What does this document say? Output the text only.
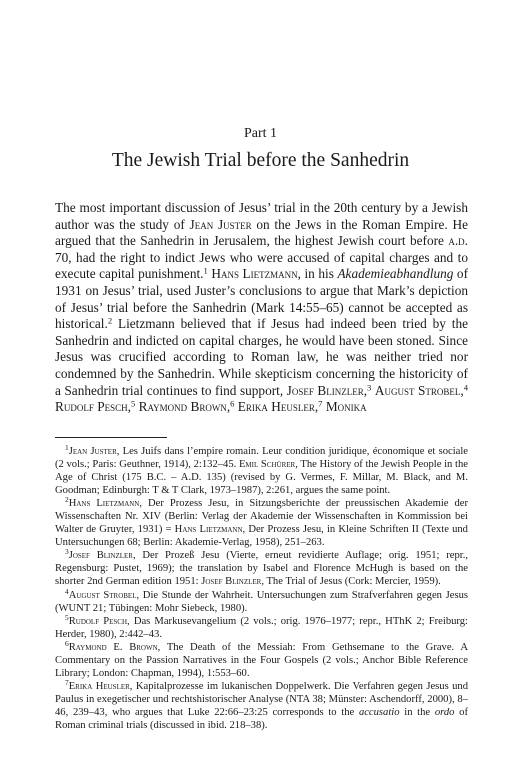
Part 1
The Jewish Trial before the Sanhedrin

The most important discussion of Jesus’ trial in the 20th century by a Jewish author was the study of Jean Juster on the Jews in the Roman Empire. He argued that the Sanhedrin in Jerusalem, the highest Jewish court before a.d. 70, had the right to indict Jews who were accused of capital charges and to execute capital punishment.$^1$ Hans Lietzmann, in his Akademieabhandlung of 1931 on Jesus’ trial, used Juster’s conclusions to argue that Mark’s depiction of Jesus’ trial before the Sanhedrin (Mark 14:55–65) cannot be accepted as historical.$^2$ Lietzmann believed that if Jesus had indeed been tried by the Sanhedrin and indicted on capital charges, he would have been stoned. Since Jesus was crucified according to Roman law, he was neither tried nor condemned by the Sanhedrin. While skepticism concerning the historicity of a Sanhedrin trial continues to find support, Josef Blinzler,$^3$ August Strobel,$^4$ Rudolf Pesch,$^5$ Raymond Brown,$^6$ Erika Heusler,$^7$ Monika

$^1$Jean Juster, Les Juifs dans l’empire romain. Leur condition juridique, économique et sociale (2 vols.; Paris: Geuthner, 1914), 2:132–45. Emil Schürer, The History of the Jewish People in the Age of Christ (175 B.C. – A.D. 135) (revised by G. Vermes, F. Millar, M. Black, and M. Goodman; Edinburgh: T & T Clark, 1973–1987), 2:261, argues the same point.

$^2$Hans Lietzmann, Der Prozess Jesu, in Sitzungsberichte der preussischen Akademie der Wissenschaften Nr. XIV (Berlin: Verlag der Akademie der Wissenschaften in Kommission bei Walter de Gruyter, 1931) = Hans Lietzmann, Der Prozess Jesu, in Kleine Schriften II (Texte und Untersuchungen 68; Berlin: Akademie-Verlag, 1958), 251–263.

$^3$Josef Blinzler, Der Prozeß Jesu (Vierte, erneut revidierte Auflage; orig. 1951; repr., Regensburg: Pustet, 1969); the translation by Isabel and Florence McHugh is based on the shorter 2nd German edition 1951: Josef Blinzler, The Trial of Jesus (Cork: Mercier, 1959).

$^4$August Strobel, Die Stunde der Wahrheit. Untersuchungen zum Strafverfahren gegen Jesus (WUNT 21; Tübingen: Mohr Siebeck, 1980).

$^5$Rudolf Pesch, Das Markusevangelium (2 vols.; orig. 1976–1977; repr., HThK 2; Freiburg: Herder, 1980), 2:442–43.

$^6$Raymond E. Brown, The Death of the Messiah: From Gethsemane to the Grave. A Commentary on the Passion Narratives in the Four Gospels (2 vols.; Anchor Bible Reference Library; London: Chapman, 1994), 1:553–60.

$^7$Erika Heusler, Kapitalprozesse im lukanischen Doppelwerk. Die Verfahren gegen Jesus und Paulus in exegetischer und rechtshistorischer Analyse (NTA 38; Münster: Aschendorff, 2000), 8–46, 239–43, who argues that Luke 22:66–23:25 corresponds to the accusatio in the ordo of Roman criminal trials (discussed in ibid. 218–38).
